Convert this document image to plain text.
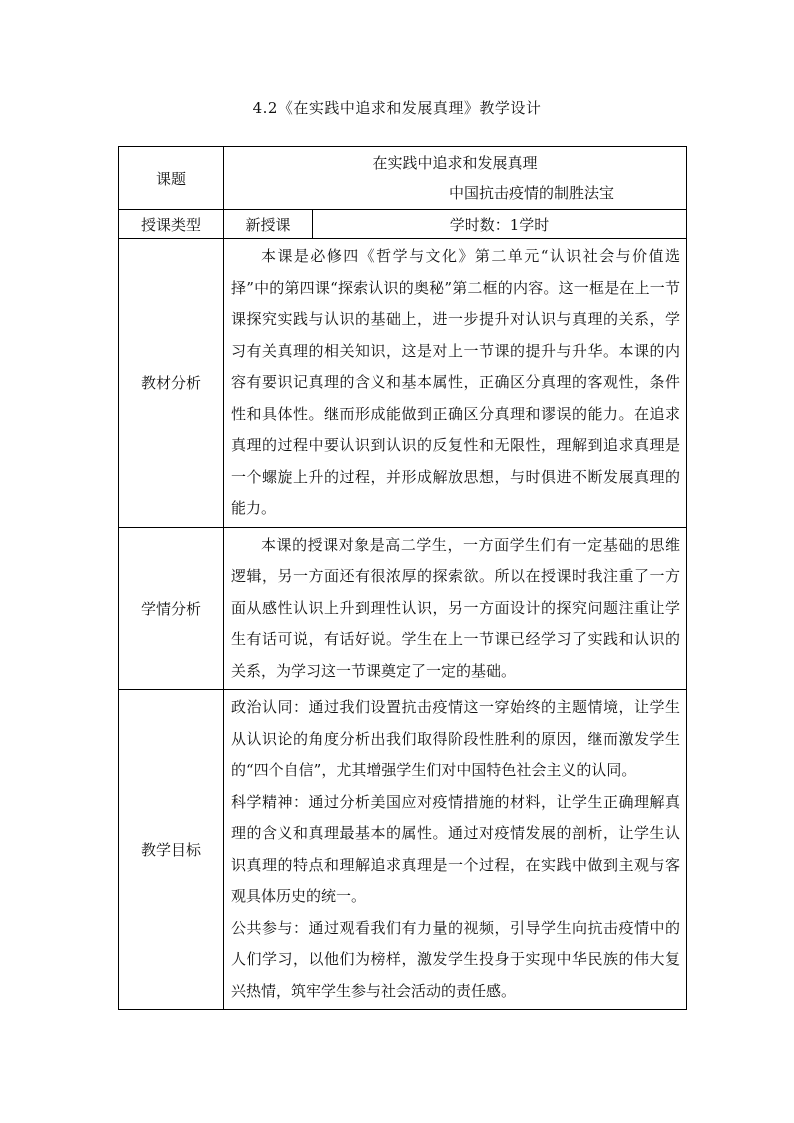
4.2《在实践中追求和发展真理》教学设计
课题	在实践中追求和发展真理
中国抗击疫情的制胜法宝	

授课类型	新授课	学时数：1学时
教材分析	本课是必修四《哲学与文化》第二单元“认识社会与价值选择”中的第四课“探索认识的奥秘”第二框的内容。这一框是在上一节课探究实践与认识的基础上，进一步提升对认识与真理的关系，学习有关真理的相关知识，这是对上一节课的提升与升华。本课的内容有要识记真理的含义和基本属性，正确区分真理的客观性，条件性和具体性。继而形成能做到正确区分真理和谬误的能力。在追求真理的过程中要认识到认识的反复性和无限性，理解到追求真理是一个螺旋上升的过程，并形成解放思想，与时俱进不断发展真理的能力。	

学情分析	本课的授课对象是高二学生，一方面学生们有一定基础的思维逻辑，另一方面还有很浓厚的探索欲。所以在授课时我注重了一方面从感性认识上升到理性认识，另一方面设计的探究问题注重让学生有话可说，有话好说。学生在上一节课已经学习了实践和认识的关系，为学习这一节课奠定了一定的基础。	

教学目标	政治认同：通过我们设置抗击疫情这一穿始终的主题情境，让学生从认识论的角度分析出我们取得阶段性胜利的原因，继而激发学生的“四个自信”，尤其增强学生们对中国特色社会主义的认同。

科学精神：通过分析美国应对疫情措施的材料，让学生正确理解真理的含义和真理最基本的属性。通过对疫情发展的剖析，让学生认识真理的特点和理解追求真理是一个过程，在实践中做到主观与客观具体历史的统一。

公共参与：通过观看我们有力量的视频，引导学生向抗击疫情中的人们学习，以他们为榜样，激发学生投身于实现中华民族的伟大复兴热情，筑牢学生参与社会活动的责任感。	
